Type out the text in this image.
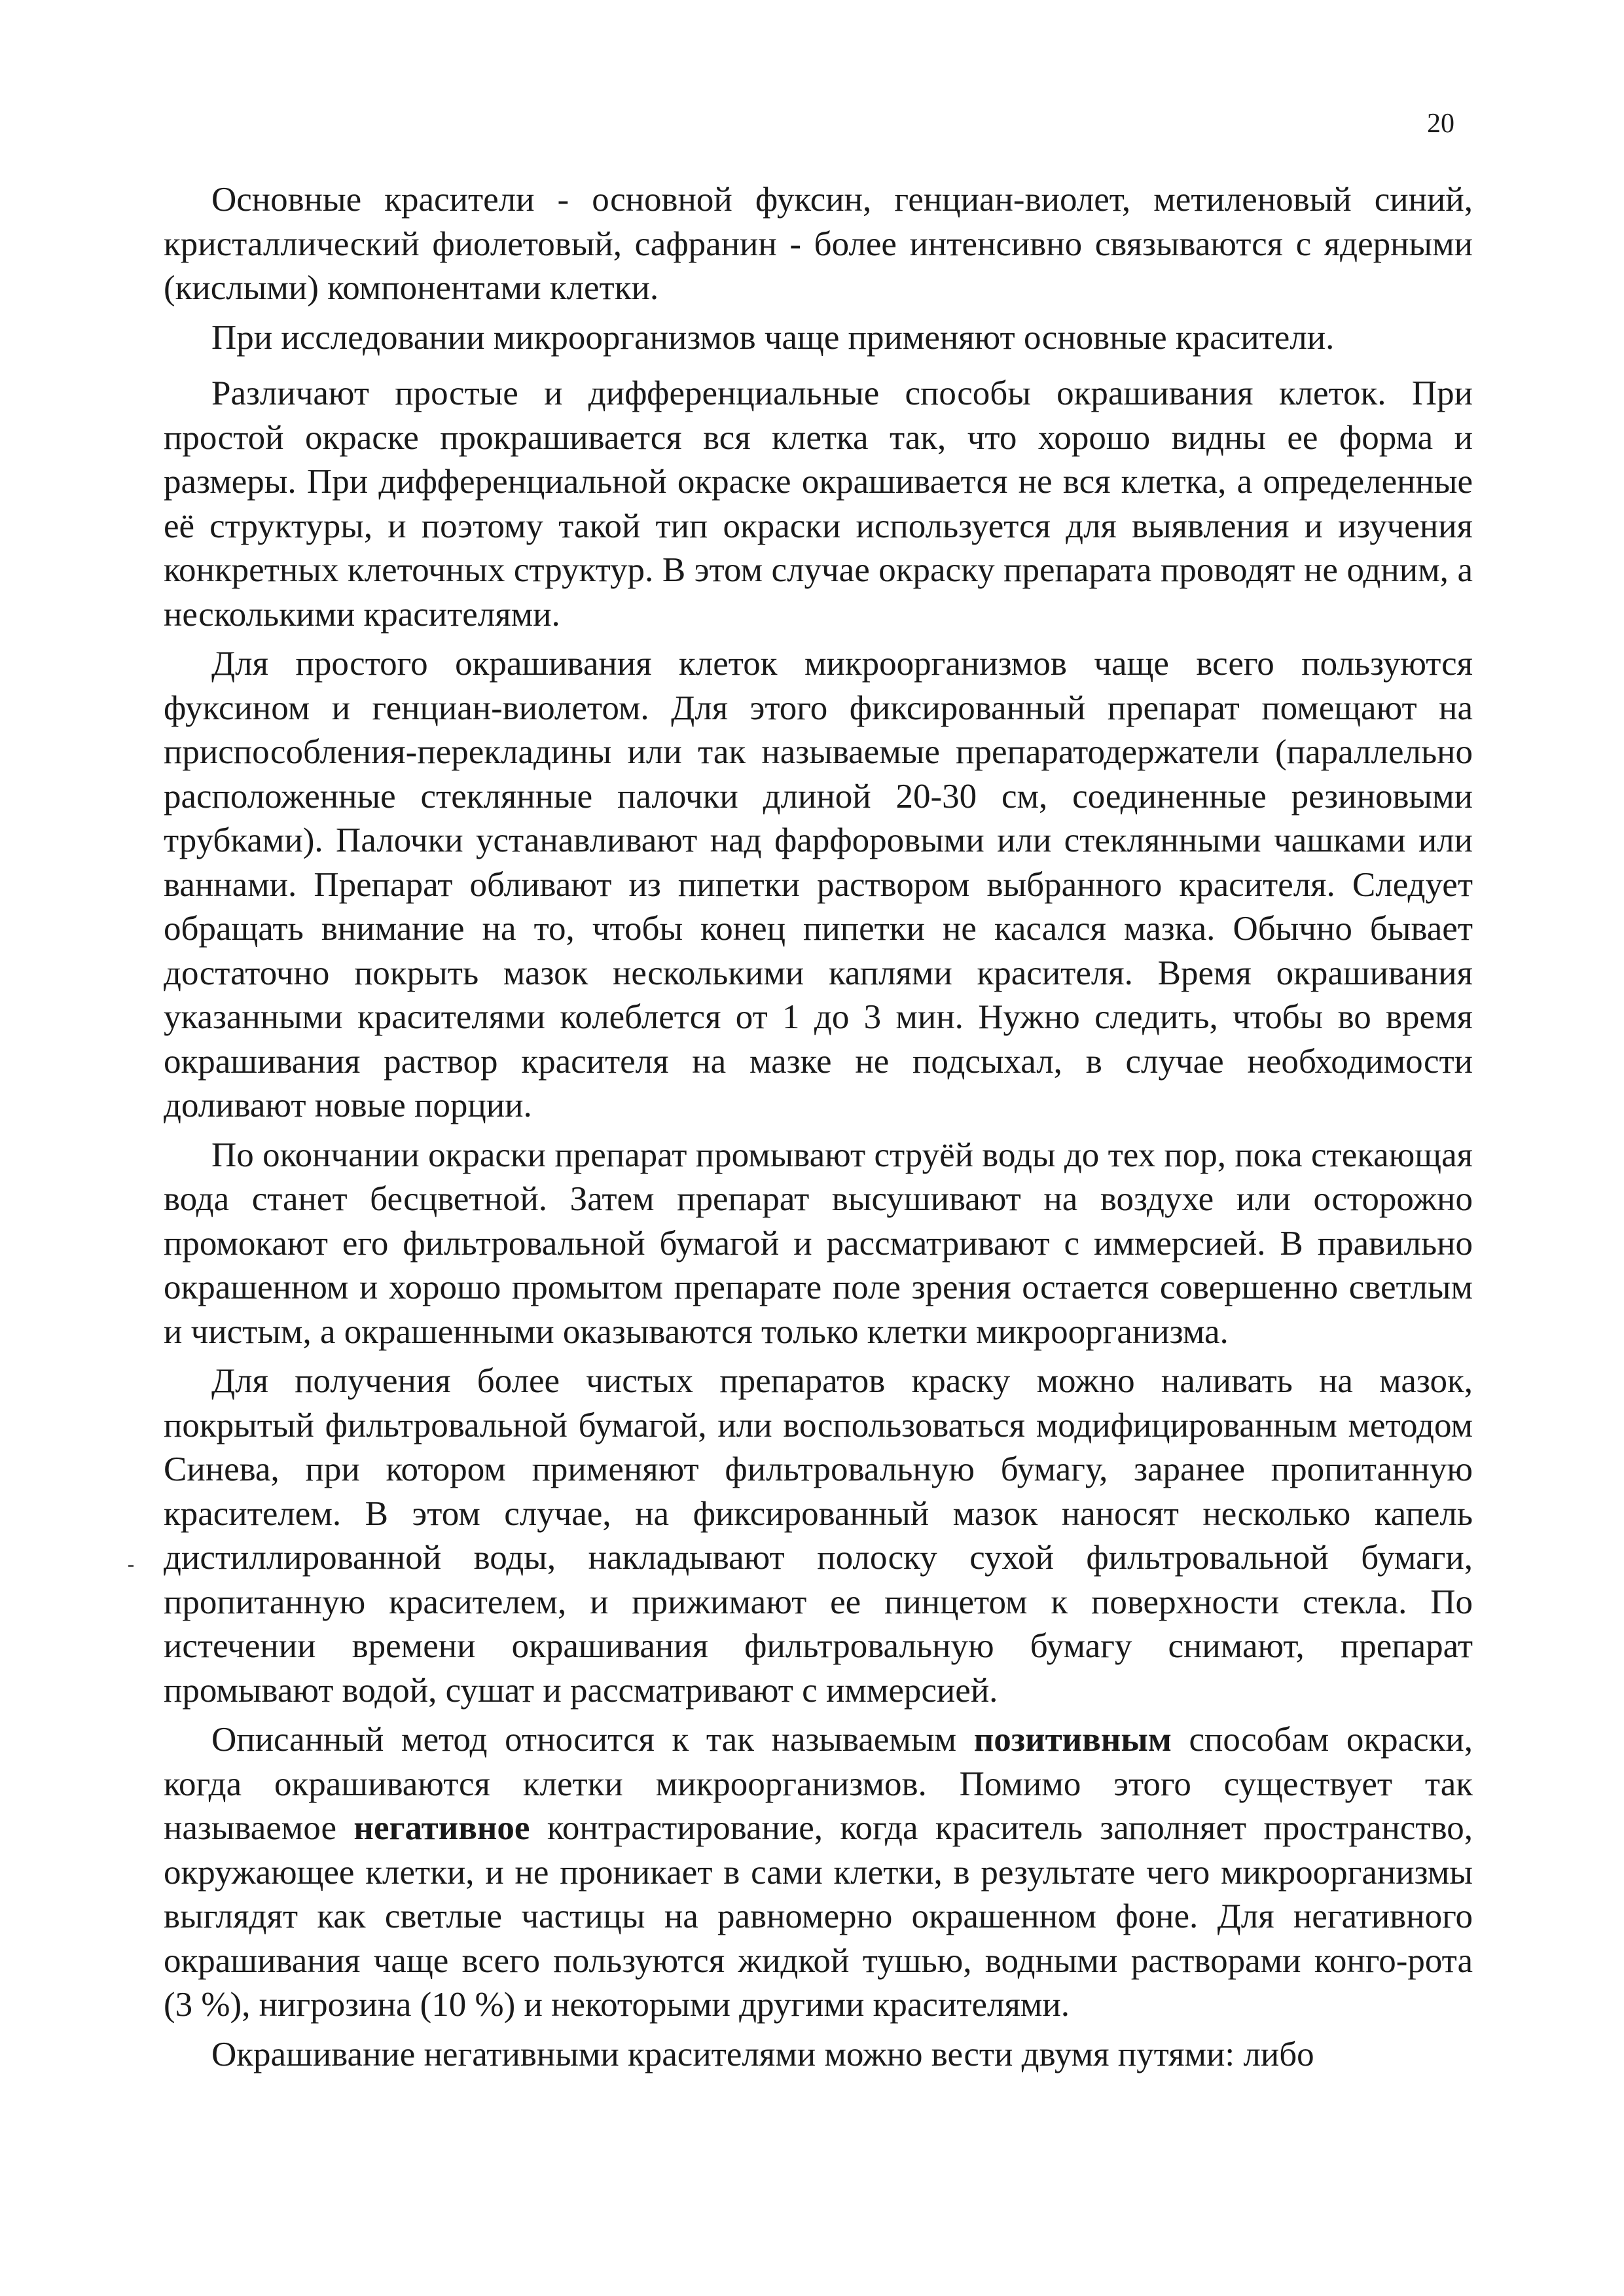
20

Основные красители - основной фуксин, генциан-виолет, метиленовый синий, кристаллический фиолетовый, сафранин - более интенсивно связываются с ядерными (кислыми) компонентами клетки.

При исследовании микроорганизмов чаще применяют основные красители.

Различают простые и дифференциальные способы окрашивания клеток. При простой окраске прокрашивается вся клетка так, что хорошо видны ее форма и размеры. При дифференциальной окраске окрашивается не вся клетка, а определенные её структуры, и поэтому такой тип окраски используется для выявления и изучения конкретных клеточных структур. В этом случае окраску препарата проводят не одним, а несколькими красителями.

Для простого окрашивания клеток микроорганизмов чаще всего пользуются фуксином и генциан-виолетом. Для этого фиксированный препарат помещают на приспособления-перекладины или так называемые препаратодержатели (параллельно расположенные стеклянные палочки длиной 20-30 см, соединенные резиновыми трубками). Палочки устанавливают над фарфоровыми или стеклянными чашками или ваннами. Препарат обливают из пипетки раствором выбранного красителя. Следует обращать внимание на то, чтобы конец пипетки не касался мазка. Обычно бывает достаточно покрыть мазок несколькими каплями красителя. Время окрашивания указанными красителями колеблется от 1 до 3 мин. Нужно следить, чтобы во время окрашивания раствор красителя на мазке не подсыхал, в случае необходимости доливают новые порции.

По окончании окраски препарат промывают струёй воды до тех пор, пока стекающая вода станет бесцветной. Затем препарат высушивают на воздухе или осторожно промокают его фильтровальной бумагой и рассматривают с иммерсией. В правильно окрашенном и хорошо промытом препарате поле зрения остается совершенно светлым и чистым, а окрашенными оказываются только клетки микроорганизма.

Для получения более чистых препаратов краску можно наливать на мазок, покрытый фильтровальной бумагой, или воспользоваться модифицированным методом Синева, при котором применяют фильтровальную бумагу, заранее пропитанную красителем. В этом случае, на фиксированный мазок наносят несколько капель дистиллированной воды, накладывают полоску сухой фильтровальной бумаги, пропитанную красителем, и прижимают ее пинцетом к поверхности стекла. По истечении времени окрашивания фильтровальную бумагу снимают, препарат промывают водой, сушат и рассматривают с иммерсией.

Описанный метод относится к так называемым позитивным способам окраски, когда окрашиваются клетки микроорганизмов. Помимо этого существует так называемое негативное контрастирование, когда краситель заполняет пространство, окружающее клетки, и не проникает в сами клетки, в результате чего микроорганизмы выглядят как светлые частицы на равномерно окрашенном фоне. Для негативного окрашивания чаще всего пользуются жидкой тушью, водными растворами конго-рота (3 %), нигрозина (10 %) и некоторыми другими красителями.

Окрашивание негативными красителями можно вести двумя путями: либо
